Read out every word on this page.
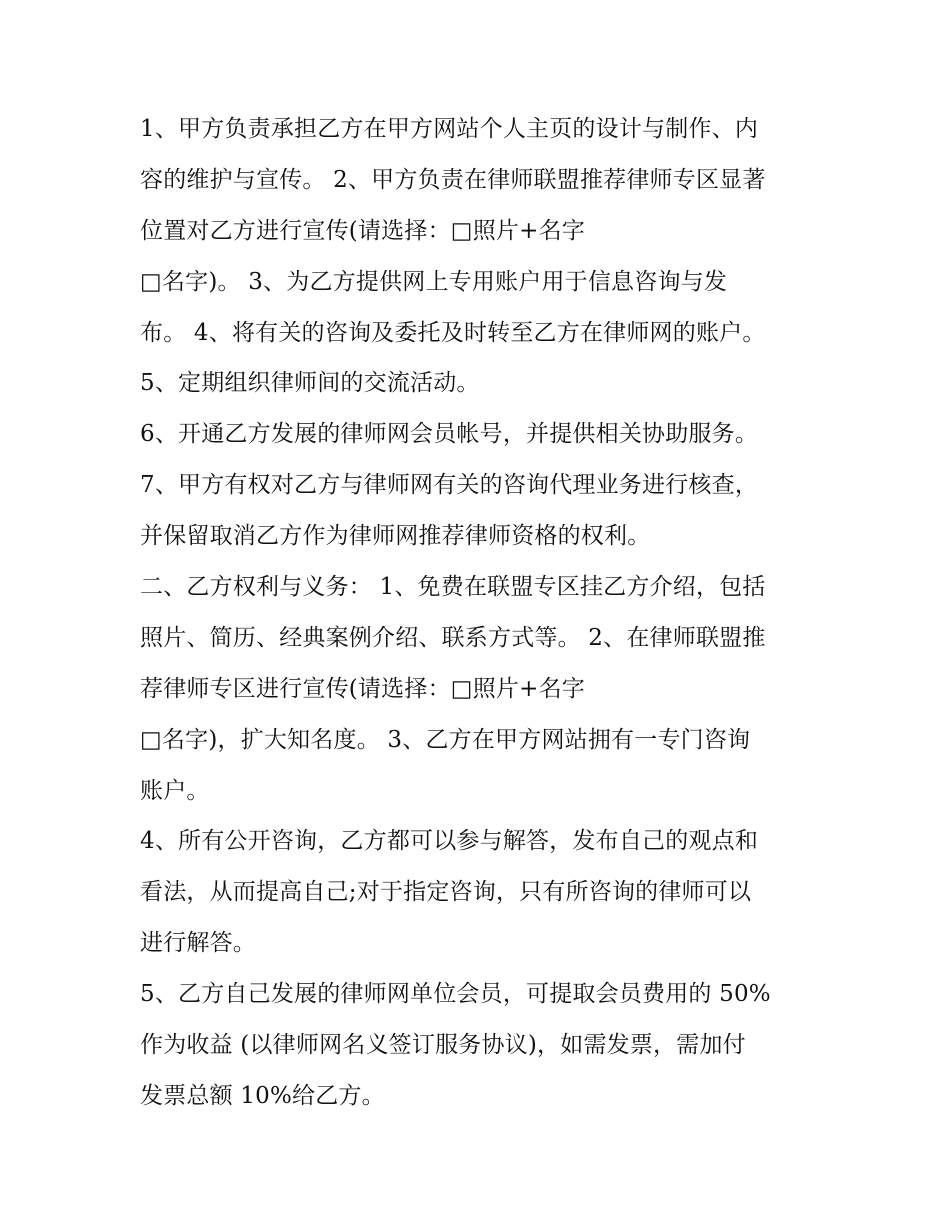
1、甲方负责承担乙方在甲方网站个人主页的设计与制作、内
容的维护与宣传。 2、甲方负责在律师联盟推荐律师专区显著
位置对乙方进行宣传(请选择：□照片+名字
□名字)。 3、为乙方提供网上专用账户用于信息咨询与发
布。 4、将有关的咨询及委托及时转至乙方在律师网的账户。
5、定期组织律师间的交流活动。
6、开通乙方发展的律师网会员帐号，并提供相关协助服务。
7、甲方有权对乙方与律师网有关的咨询代理业务进行核查，
并保留取消乙方作为律师网推荐律师资格的权利。
二、乙方权利与义务： 1、免费在联盟专区挂乙方介绍，包括
照片、简历、经典案例介绍、联系方式等。 2、在律师联盟推
荐律师专区进行宣传(请选择：□照片+名字
□名字)，扩大知名度。 3、乙方在甲方网站拥有一专门咨询
账户。
4、所有公开咨询，乙方都可以参与解答，发布自己的观点和
看法，从而提高自己;对于指定咨询，只有所咨询的律师可以
进行解答。
5、乙方自己发展的律师网单位会员，可提取会员费用的 50%
作为收益 (以律师网名义签订服务协议)，如需发票，需加付
发票总额 10%给乙方。
